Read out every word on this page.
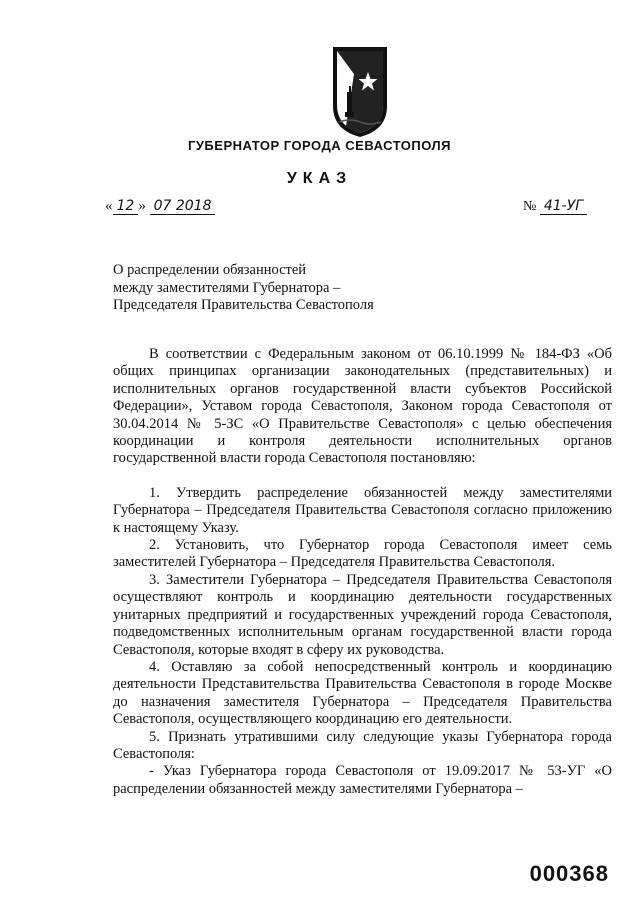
ГУБЕРНАТОР ГОРОДА СЕВАСТОПОЛЯ
УКАЗ
« 12 » 07 2018	№ 41-УГ
О распределении обязанностей
между заместителями Губернатора –
Председателя Правительства Севастополя

В соответствии с Федеральным законом от 06.10.1999 № 184-ФЗ «Об общих принципах организации законодательных (представительных) и исполнительных органов государственной власти субъектов Российской Федерации», Уставом города Севастополя, Законом города Севастополя от 30.04.2014 № 5-ЗС «О Правительстве Севастополя» с целью обеспечения координации и контроля деятельности исполнительных органов государственной власти города Севастополя постановляю:

1. Утвердить распределение обязанностей между заместителями Губернатора – Председателя Правительства Севастополя согласно приложению к настоящему Указу.

2. Установить, что Губернатор города Севастополя имеет семь заместителей Губернатора – Председателя Правительства Севастополя.

3. Заместители Губернатора – Председателя Правительства Севастополя осуществляют контроль и координацию деятельности государственных унитарных предприятий и государственных учреждений города Севастополя, подведомственных исполнительным органам государственной власти города Севастополя, которые входят в сферу их руководства.

4. Оставляю за собой непосредственный контроль и координацию деятельности Представительства Правительства Севастополя в городе Москве до назначения заместителя Губернатора – Председателя Правительства Севастополя, осуществляющего координацию его деятельности.

5. Признать утратившими силу следующие указы Губернатора города Севастополя:

- Указ Губернатора города Севастополя от 19.09.2017 № 53-УГ «О распределении обязанностей между заместителями Губернатора –

000368
